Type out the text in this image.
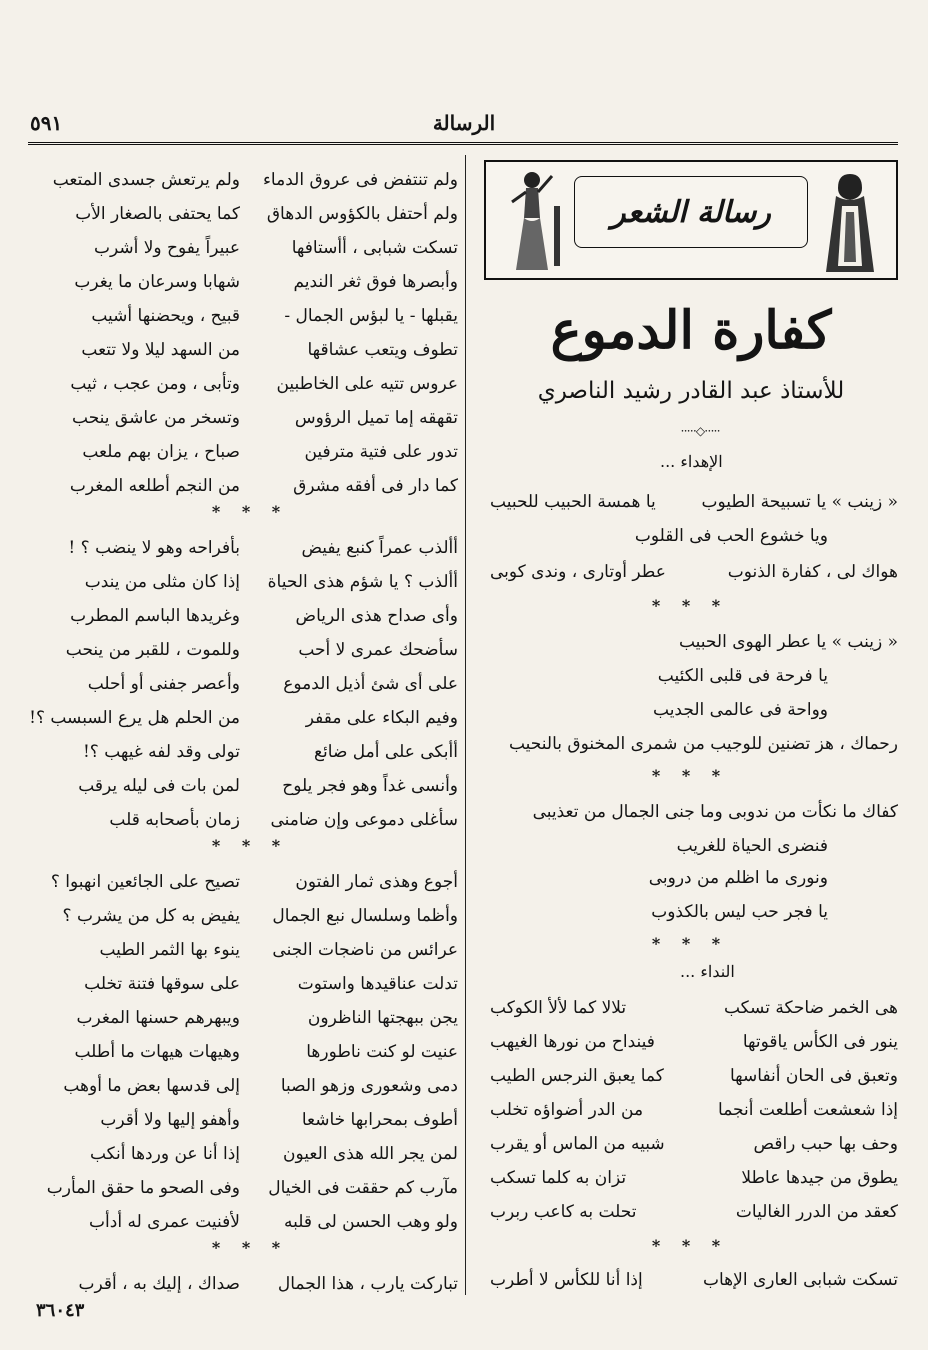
الرسالة
٥٩١
رسالة الشعر
كفارة الدموع
للأستاذ عبد القادر رشيد الناصري
⋅⋅⋅⋅⋅◇⋅⋅⋅⋅⋅
الإهداء ...
« زينب » يا تسبيحة الطيوب
يا همسة الحبيب للحبيب
ويا خشوع الحب فى القلوب
هواك لى ، كفارة الذنوب
عطر أوتارى ، وندى كوبى
* * *
« زينب » يا عطر الهوى الحبيب
يا فرحة فى قلبى الكئيب
وواحة فى عالمى الجديب
رحماك ، هز تضنين للوجيب من شمرى المخنوق بالنحيب
* * *
كفاك ما نكأت من ندوبى وما جنى الجمال من تعذيبى
فنضرى الحياة للغريب
ونورى ما اظلم من دروبى
يا فجر حب ليس بالكذوب
* * *
النداء ...
هى الخمر ضاحكة تسكب
تلالا كما لألأ الكوكب
ينور فى الكأس ياقوتها
فينداح من نورها الغيهب
وتعبق فى الحان أنفاسها
كما يعبق النرجس الطيب
إذا شعشعت أطلعت أنجما
من الدر أضواؤه تخلب
وحف بها حبب راقص
شبيه من الماس أو يقرب
يطوق من جيدها عاطلا
تزان به كلما تسكب
كعقد من الدرر الغاليات
تحلت به كاعب ربرب
* * *
تسكت شبابى العارى الإهاب
إذا أنا للكأس لا أطرب
ولم تنتفض فى عروق الدماء
ولم يرتعش جسدى المتعب
ولم أحتفل بالكؤوس الدهاق
كما يحتفى بالصغار الأب
تسكت شبابى ، أأستافها
عبيراً يفوح ولا أشرب
وأبصرها فوق ثغر النديم
شهابا وسرعان ما يغرب
يقبلها - يا لبؤس الجمال -
قبيح ، ويحضنها أشيب
تطوف ويتعب عشاقها
من السهد ليلا ولا تتعب
عروس تتيه على الخاطبين
وتأبى ، ومن عجب ، ثيب
تقهقه إما تميل الرؤوس
وتسخر من عاشق ينحب
تدور على فتية مترفين
صباح ، يزان بهم ملعب
كما دار فى أفقه مشرق
من النجم أطلعه المغرب
* * *
أألذب عمراً كنبع يفيض
بأفراحه وهو لا ينضب ؟ !
أألذب ؟ يا شؤم هذى الحياة
إذا كان مثلى من يندب
وأى صداح هذى الرياض
وغريدها الباسم المطرب
سأضحك عمرى لا أحب
وللموت ، للقبر من ينحب
على أى شئ أذيل الدموع
وأعصر جفنى أو أحلب
وفيم البكاء على مقفر
من الحلم هل يرع السبسب ؟!
أأبكى على أمل ضائع
تولى وقد لفه غيهب ؟!
وأنسى غداً وهو فجر يلوح
لمن بات فى ليله يرقب
سأغلى دموعى وإن ضامنى
زمان بأصحابه قلب
* * *
أجوع وهذى ثمار الفتون
تصيح على الجائعين انهبوا ؟
وأظما وسلسال نبع الجمال
يفيض به كل من يشرب ؟
عرائس من ناضجات الجنى
ينوء بها الثمر الطيب
تدلت عناقيدها واستوت
على سوقها فتنة تخلب
يجن ببهجتها الناظرون
ويبهرهم حسنها المغرب
عنيت لو كنت ناطورها
وهيهات هيهات ما أطلب
دمى وشعورى وزهو الصبا
إلى قدسها بعض ما أوهب
أطوف بمحرابها خاشعا
وأهفو إليها ولا أقرب
لمن يجر الله هذى العيون
إذا أنا عن وردها أنكب
مآرب كم حققت فى الخيال
وفى الصحو ما حقق المأرب
ولو وهب الحسن لى قلبه
لأفنيت عمرى له أدأب
* * *
تباركت يارب ، هذا الجمال
صداك ، إليك به ، أقرب
٣٦٠٤٣
